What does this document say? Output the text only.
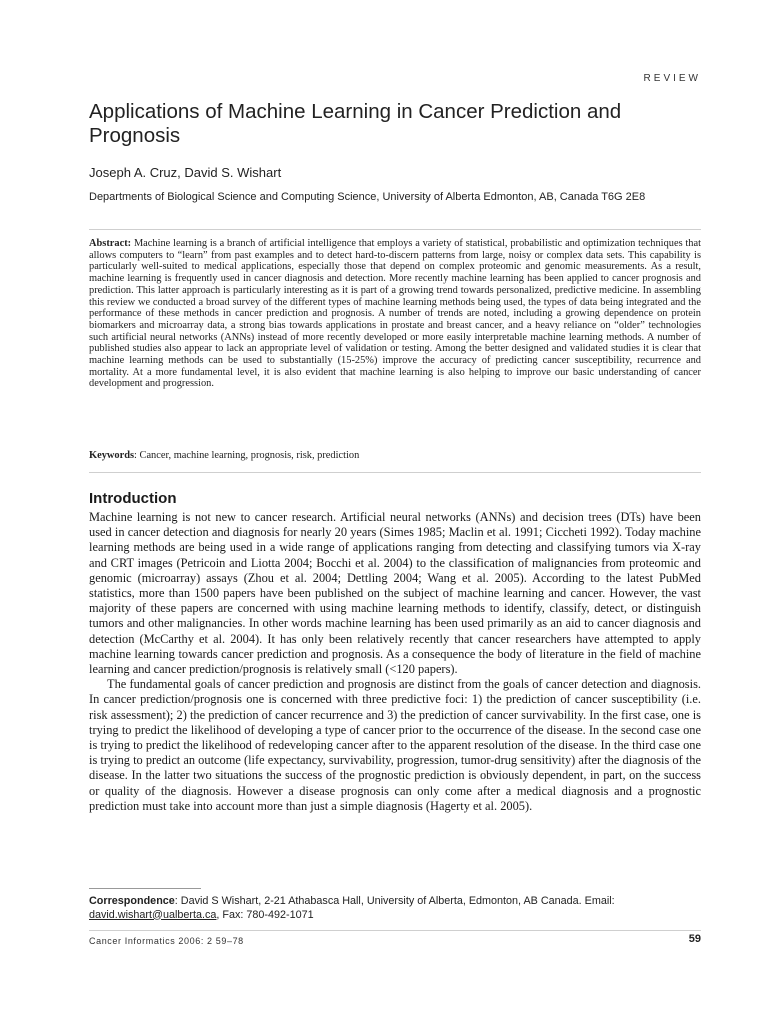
REVIEW
Applications of Machine Learning in Cancer Prediction and Prognosis
Joseph A. Cruz, David S. Wishart
Departments of Biological Science and Computing Science, University of Alberta Edmonton, AB, Canada T6G 2E8
Abstract: Machine learning is a branch of artificial intelligence that employs a variety of statistical, probabilistic and optimization techniques that allows computers to “learn” from past examples and to detect hard-to-discern patterns from large, noisy or complex data sets. This capability is particularly well-suited to medical applications, especially those that depend on complex proteomic and genomic measurements. As a result, machine learning is frequently used in cancer diagnosis and detection. More recently machine learning has been applied to cancer prognosis and prediction. This latter approach is particularly interesting as it is part of a growing trend towards personalized, predictive medicine. In assembling this review we conducted a broad survey of the different types of machine learning methods being used, the types of data being integrated and the performance of these methods in cancer prediction and prognosis. A number of trends are noted, including a growing dependence on protein biomarkers and microarray data, a strong bias towards applications in prostate and breast cancer, and a heavy reliance on “older” technologies such artificial neural networks (ANNs) instead of more recently developed or more easily interpretable machine learning methods. A number of published studies also appear to lack an appropriate level of validation or testing. Among the better designed and validated studies it is clear that machine learning methods can be used to substantially (15-25%) improve the accuracy of predicting cancer susceptibility, recurrence and mortality. At a more fundamental level, it is also evident that machine learning is also helping to improve our basic understanding of cancer development and progression.
Keywords: Cancer, machine learning, prognosis, risk, prediction
Introduction

Machine learning is not new to cancer research. Artificial neural networks (ANNs) and decision trees (DTs) have been used in cancer detection and diagnosis for nearly 20 years (Simes 1985; Maclin et al. 1991; Ciccheti 1992). Today machine learning methods are being used in a wide range of applications ranging from detecting and classifying tumors via X-ray and CRT images (Petricoin and Liotta 2004; Bocchi et al. 2004) to the classification of malignancies from proteomic and genomic (microarray) assays (Zhou et al. 2004; Dettling 2004; Wang et al. 2005). According to the latest PubMed statistics, more than 1500 papers have been published on the subject of machine learning and cancer. However, the vast majority of these papers are concerned with using machine learning methods to identify, classify, detect, or distinguish tumors and other malignancies. In other words machine learning has been used primarily as an aid to cancer diagnosis and detection (McCarthy et al. 2004). It has only been relatively recently that cancer researchers have attempted to apply machine learning towards cancer prediction and prognosis. As a consequence the body of literature in the field of machine learning and cancer prediction/prognosis is relatively small (<120 papers).

The fundamental goals of cancer prediction and prognosis are distinct from the goals of cancer detection and diagnosis. In cancer prediction/prognosis one is concerned with three predictive foci: 1) the prediction of cancer susceptibility (i.e. risk assessment); 2) the prediction of cancer recurrence and 3) the prediction of cancer survivability. In the first case, one is trying to predict the likelihood of developing a type of cancer prior to the occurrence of the disease. In the second case one is trying to predict the likelihood of redeveloping cancer after to the apparent resolution of the disease. In the third case one is trying to predict an outcome (life expectancy, survivability, progression, tumor-drug sensitivity) after the diagnosis of the disease. In the latter two situations the success of the prognostic prediction is obviously dependent, in part, on the success or quality of the diagnosis. However a disease prognosis can only come after a medical diagnosis and a prognostic prediction must take into account more than just a simple diagnosis (Hagerty et al. 2005).

Correspondence: David S Wishart, 2-21 Athabasca Hall, University of Alberta, Edmonton, AB Canada. Email:
david.wishart@ualberta.ca, Fax: 780-492-1071
Cancer Informatics 2006: 2 59–78	59
